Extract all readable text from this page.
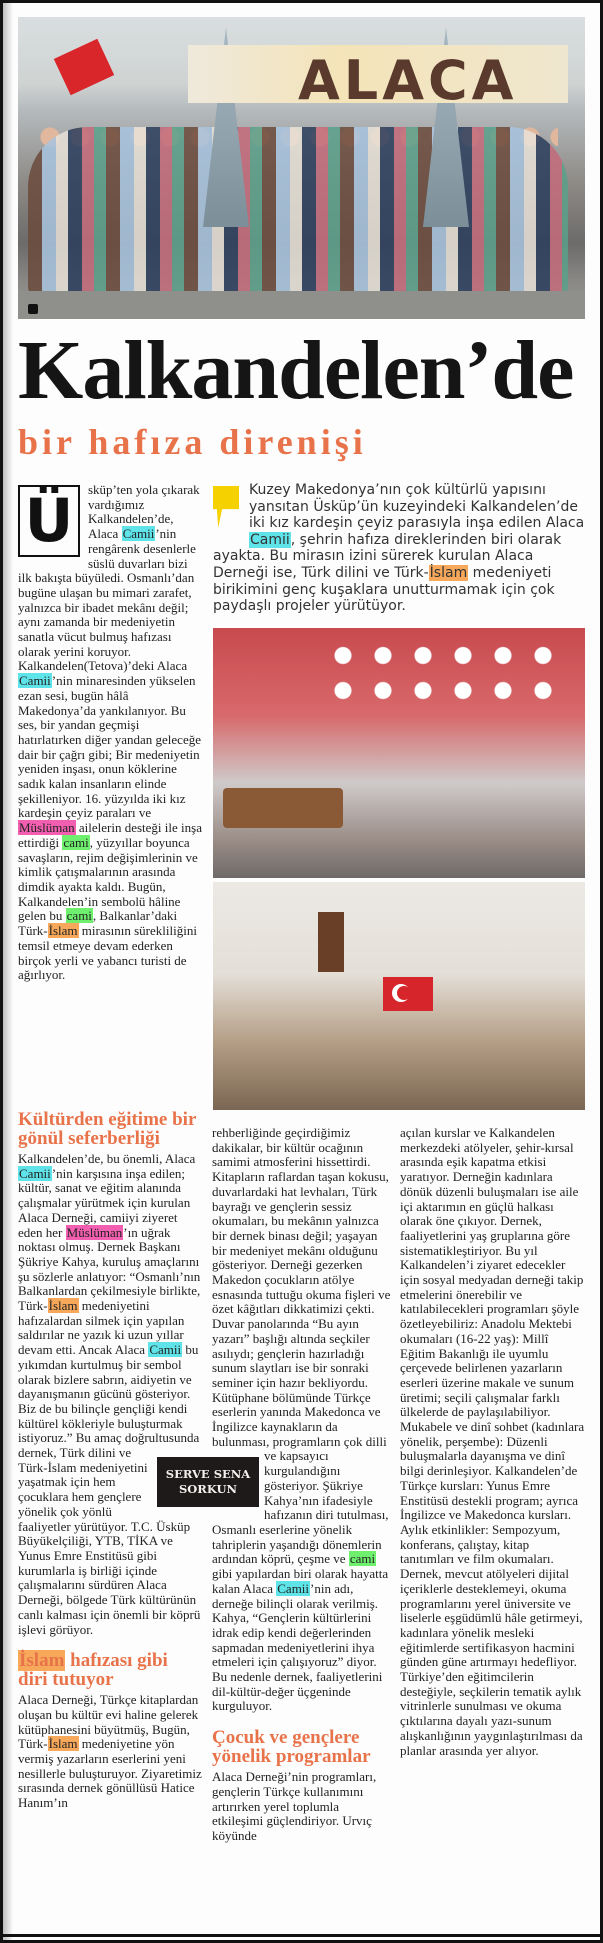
ALACA
Kalkandelen’de
bir hafıza direnişi
Ü	sküp’ten yola çıkarak vardığımız Kalkandelen’de, Alaca Camii’nin rengârenk desenlerle süslü duvarları bizi ilk bakışta büyüledi. Osmanlı’dan bugüne ulaşan bu mimari zarafet, yalnızca bir ibadet mekânı değil; aynı zamanda bir medeniyetin sanatla vücut bulmuş hafızası olarak yerini koruyor. Kalkandelen(Tetova)’deki Alaca Camii’nin minaresinden yükselen ezan sesi, bugün hâlâ Makedonya’da yankılanıyor. Bu ses, bir yandan geçmişi hatırlatırken diğer yandan geleceğe dair bir çağrı gibi; Bir medeniyetin yeniden inşası, onun köklerine sadık kalan insanların elinde şekilleniyor. 16. yüzyılda iki kız kardeşin çeyiz paraları ve Müslüman ailelerin desteği ile inşa ettirdiği cami, yüzyıllar boyunca savaşların, rejim değişimlerinin ve kimlik çatışmalarının arasında dimdik ayakta kaldı. Bugün, Kalkandelen’in sembolü hâline gelen bu cami, Balkanlar’daki Türk-İslam mirasının sürekliliğini temsil etmeye devam ederken birçok yerli ve yabancı turisti de ağırlıyor.

Kuzey Makedonya’nın çok kültürlü yapısını yansıtan Üsküp’ün kuzeyindeki Kalkandelen’de iki kız kardeşin çeyiz parasıyla inşa edilen Alaca Camii, şehrin hafıza direklerinden biri olarak ayakta. Bu mirasın izini sürerek kurulan Alaca Derneği ise, Türk dilini ve Türk-İslam medeniyeti birikimini genç kuşaklara unutturmamak için çok paydaşlı projeler yürütüyor.

Kültürden eğitime bir gönül seferberliği

Kalkandelen’de, bu önemli, Alaca Camii’nin karşısına inşa edilen; kültür, sanat ve eğitim alanında çalışmalar yürütmek için kurulan Alaca Derneği, camiiyi ziyeret eden her Müslüman’ın uğrak noktası olmuş. Dernek Başkanı Şükriye Kahya, kuruluş amaçlarını şu sözlerle anlatıyor: “Osmanlı’nın Balkanlardan çekilmesiyle birlikte, Türk-İslam medeniyetini hafızalardan silmek için yapılan saldırılar ne yazık ki uzun yıllar devam etti. Ancak Alaca Camii bu yıkımdan kurtulmuş bir sembol olarak bizlere sabrın, aidiyetin ve dayanışmanın gücünü gösteriyor. Biz de bu bilinçle gençliği kendi kültürel kökleriyle buluşturmak istiyoruz.” Bu amaç doğrultusunda dernek, Türk dilini ve Türk-İslam medeniyetini yaşatmak için hem çocuklara hem gençlere yönelik çok yönlü faaliyetler yürütüyor. T.C. Üsküp Büyükelçiliği, YTB, TİKA ve Yunus Emre Enstitüsü gibi kurumlarla iş birliği içinde çalışmalarını sürdüren Alaca Derneği, bölgede Türk kültürünün canlı kalması için önemli bir köprü işlevi görüyor.

İslam hafızası gibi diri tutuyor

Alaca Derneği, Türkçe kitaplardan oluşan bu kültür evi haline gelerek kütüphanesini büyütmüş, Bugün, Türk-İslam medeniyetine yön vermiş yazarların eserlerini yeni nesillerle buluşturuyor. Ziyaretimiz sırasında dernek gönüllüsü Hatice Hanım’ın

rehberliğinde geçirdiğimiz dakikalar, bir kültür ocağının samimi atmosferini hissettirdi. Kitapların raflardan taşan kokusu, duvarlardaki hat levhaları, Türk bayrağı ve gençlerin sessiz okumaları, bu mekânın yalnızca bir dernek binası değil; yaşayan bir medeniyet mekânı olduğunu gösteriyor. Derneği gezerken Makedon çocukların atölye esnasında tuttuğu okuma fişleri ve özet kâğıtları dikkatimizi çekti. Duvar panolarında “Bu ayın yazarı” başlığı altında seçkiler asılıydı; gençlerin hazırladığı sunum slaytları ise bir sonraki seminer için hazır bekliyordu. Kütüphane bölümünde Türkçe eserlerin yanında Makedonca ve İngilizce kaynakların da bulunması, programların çok dilli ve kapsayıcı kurgulandığını gösteriyor. Şükriye Kahya’nın ifadesiyle hafızanın diri tutulması, Osmanlı eserlerine yönelik tahriplerin yaşandığı dönemlerin ardından köprü, çeşme ve cami gibi yapılardan biri olarak hayatta kalan Alaca Camii’nin adı, derneğe bilinçli olarak verilmiş. Kahya, “Gençlerin kültürlerini idrak edip kendi değerlerinden sapmadan medeniyetlerini ihya etmeleri için çalışıyoruz” diyor. Bu nedenle dernek, faaliyetlerini dil-kültür-değer üçgeninde kurguluyor.

Çocuk ve gençlere yönelik programlar

Alaca Derneği’nin programları, gençlerin Türkçe kullanımını artırırken yerel toplumla etkileşimi güçlendiriyor. Urvıç köyünde

açılan kurslar ve Kalkandelen merkezdeki atölyeler, şehir-kırsal arasında eşik kapatma etkisi yaratıyor. Derneğin kadınlara dönük düzenli buluşmaları ise aile içi aktarımın en güçlü halkası olarak öne çıkıyor. Dernek, faaliyetlerini yaş gruplarına göre sistematikleştiriyor. Bu yıl Kalkandelen’i ziyaret edecekler için sosyal medyadan derneği takip etmelerini önerebilir ve katılabilecekleri programları şöyle özetleyebiliriz: Anadolu Mektebi okumaları (16-22 yaş): Millî Eğitim Bakanlığı ile uyumlu çerçevede belirlenen yazarların eserleri üzerine makale ve sunum üretimi; seçili çalışmalar farklı ülkelerde de paylaşılabiliyor. Mukabele ve dinî sohbet (kadınlara yönelik, perşembe): Düzenli buluşmalarla dayanışma ve dinî bilgi derinleşiyor. Kalkandelen’de Türkçe kursları: Yunus Emre Enstitüsü destekli program; ayrıca İngilizce ve Makedonca kursları. Aylık etkinlikler: Sempozyum, konferans, çalıştay, kitap tanıtımları ve film okumaları. Dernek, mevcut atölyeleri dijital içeriklerle desteklemeyi, okuma programlarını yerel üniversite ve liselerle eşgüdümlü hâle getirmeyi, kadınlara yönelik mesleki eğitimlerde sertifikasyon hacmini günden güne artırmayı hedefliyor. Türkiye’den eğitimcilerin desteğiyle, seçkilerin tematik aylık vitrinlerle sunulması ve okuma çıktılarına dayalı yazı-sunum alışkanlığının yaygınlaştırılması da planlar arasında yer alıyor.

SERVE SENA
SORKUN
